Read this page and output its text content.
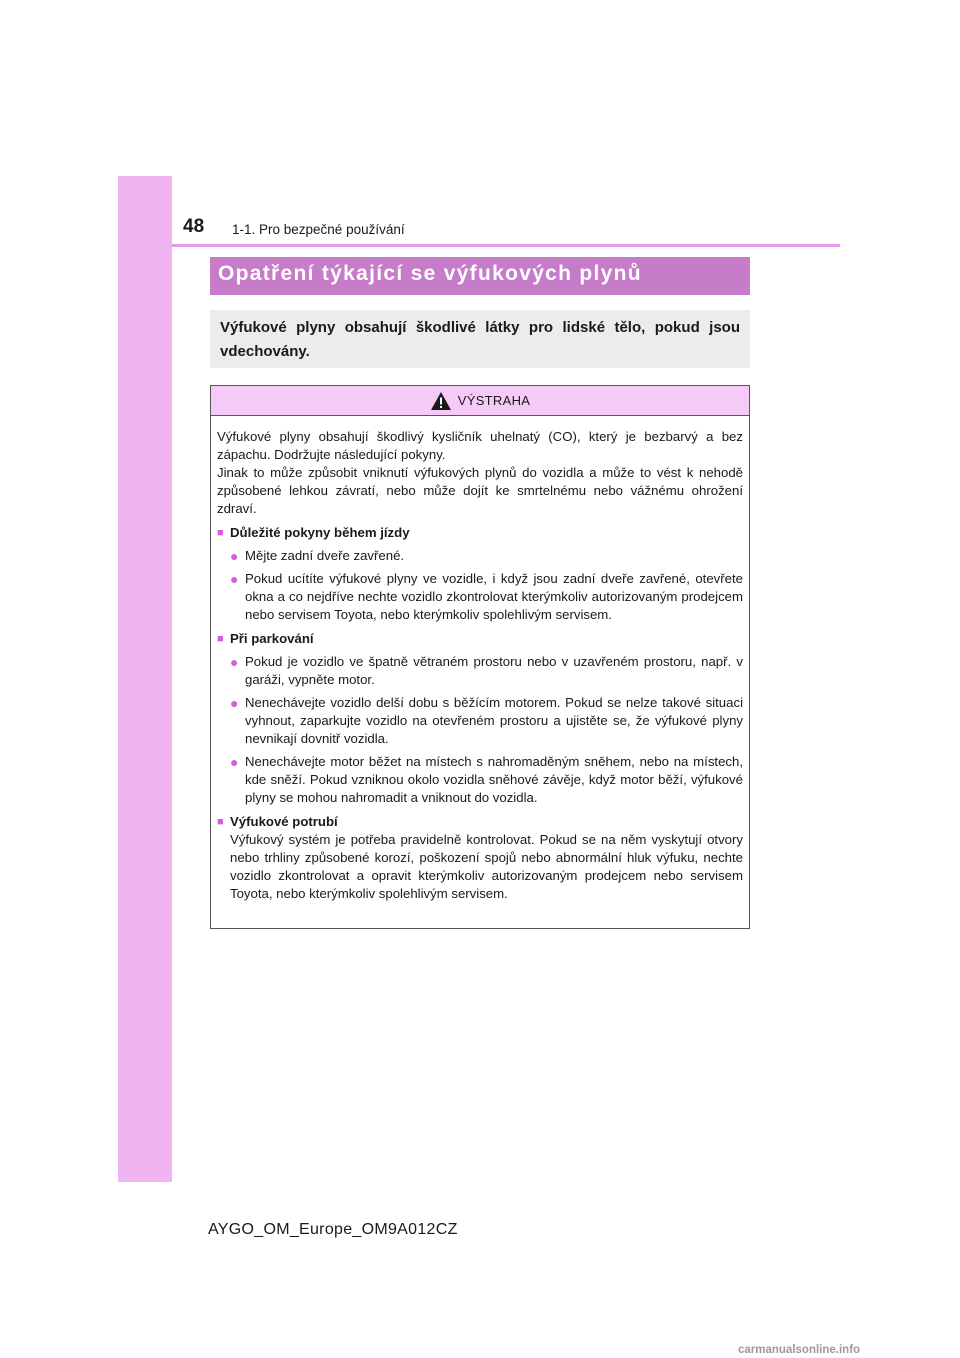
48 1-1. Pro bezpečné používání
Opatření týkající se výfukových plynů
Výfukové plyny obsahují škodlivé látky pro lidské tělo, pokud jsou vdechovány.
VÝSTRAHA
Výfukové plyny obsahují škodlivý kysličník uhelnatý (CO), který je bezbarvý a bez zápachu. Dodržujte následující pokyny.
Jinak to může způsobit vniknutí výfukových plynů do vozidla a může to vést k nehodě způsobené lehkou závratí, nebo může dojít ke smrtelnému nebo vážnému ohrožení zdraví.
■ Důležité pokyny během jízdy
● Mějte zadní dveře zavřené.
● Pokud ucítíte výfukové plyny ve vozidle, i když jsou zadní dveře zavřené, otevřete okna a co nejdříve nechte vozidlo zkontrolovat kterýmkoliv autorizovaným prodejcem nebo servisem Toyota, nebo kterýmkoliv spolehlivým servisem.
■ Při parkování
● Pokud je vozidlo ve špatně větraném prostoru nebo v uzavřeném prostoru, např. v garáži, vypněte motor.
● Nenechávejte vozidlo delší dobu s běžícím motorem. Pokud se nelze takové situaci vyhnout, zaparkujte vozidlo na otevřeném prostoru a ujistěte se, že výfukové plyny nevnikají dovnitř vozidla.
● Nenechávejte motor běžet na místech s nahromaděným sněhem, nebo na místech, kde sněží. Pokud vzniknou okolo vozidla sněhové závěje, když motor běží, výfukové plyny se mohou nahromadit a vniknout do vozidla.
■ Výfukové potrubí
Výfukový systém je potřeba pravidelně kontrolovat. Pokud se na něm vyskytují otvory nebo trhliny způsobené korozí, poškození spojů nebo abnormální hluk výfuku, nechte vozidlo zkontrolovat a opravit kterýmkoliv autorizovaným prodejcem nebo servisem Toyota, nebo kterýmkoliv spolehlivým servisem.
AYGO_OM_Europe_OM9A012CZ
carmanualsonline.info
